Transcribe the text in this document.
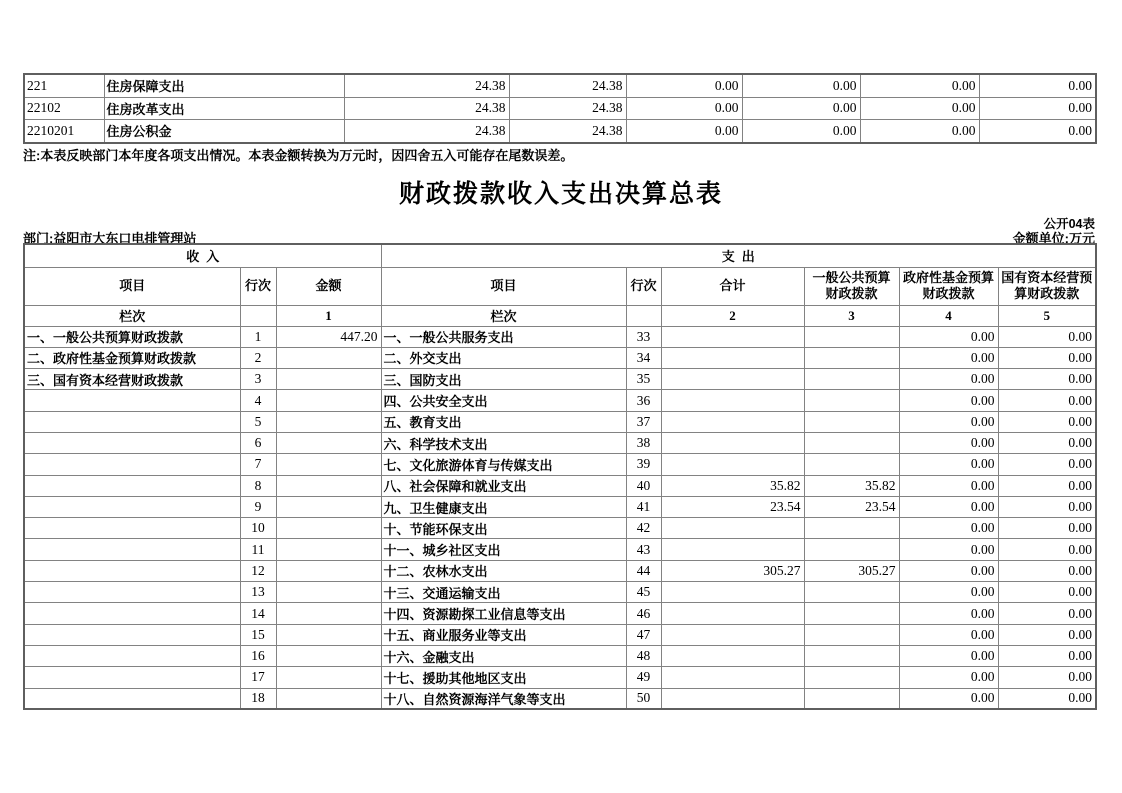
221	住房保障支出	24.38	24.38	0.00	0.00	0.00	0.00
22102	住房改革支出	24.38	24.38	0.00	0.00	0.00	0.00
2210201	住房公积金	24.38	24.38	0.00	0.00	0.00	0.00
注:本表反映部门本年度各项支出情况。本表金额转换为万元时，因四舍五入可能存在尾数误差。
财政拨款收入支出决算总表
公开04表
部门:益阳市大东口电排管理站	金额单位:万元
收入			支出					
项目	行次	金额	项目	行次	合计	一般公共预算财政拨款	政府性基金预算财政拨款	国有资本经营预算财政拨款
栏次		1	栏次		2	3	4	5
一、一般公共预算财政拨款	1	447.20	一、一般公共服务支出	33			0.00	0.00
二、政府性基金预算财政拨款	2		二、外交支出	34			0.00	0.00
三、国有资本经营财政拨款	3		三、国防支出	35			0.00	0.00
	4		四、公共安全支出	36			0.00	0.00
	5		五、教育支出	37			0.00	0.00
	6		六、科学技术支出	38			0.00	0.00
	7		七、文化旅游体育与传媒支出	39			0.00	0.00
	8		八、社会保障和就业支出	40	35.82	35.82	0.00	0.00
	9		九、卫生健康支出	41	23.54	23.54	0.00	0.00
	10		十、节能环保支出	42			0.00	0.00
	11		十一、城乡社区支出	43			0.00	0.00
	12		十二、农林水支出	44	305.27	305.27	0.00	0.00
	13		十三、交通运输支出	45			0.00	0.00
	14		十四、资源勘探工业信息等支出	46			0.00	0.00
	15		十五、商业服务业等支出	47			0.00	0.00
	16		十六、金融支出	48			0.00	0.00
	17		十七、援助其他地区支出	49			0.00	0.00
	18		十八、自然资源海洋气象等支出	50			0.00	0.00
